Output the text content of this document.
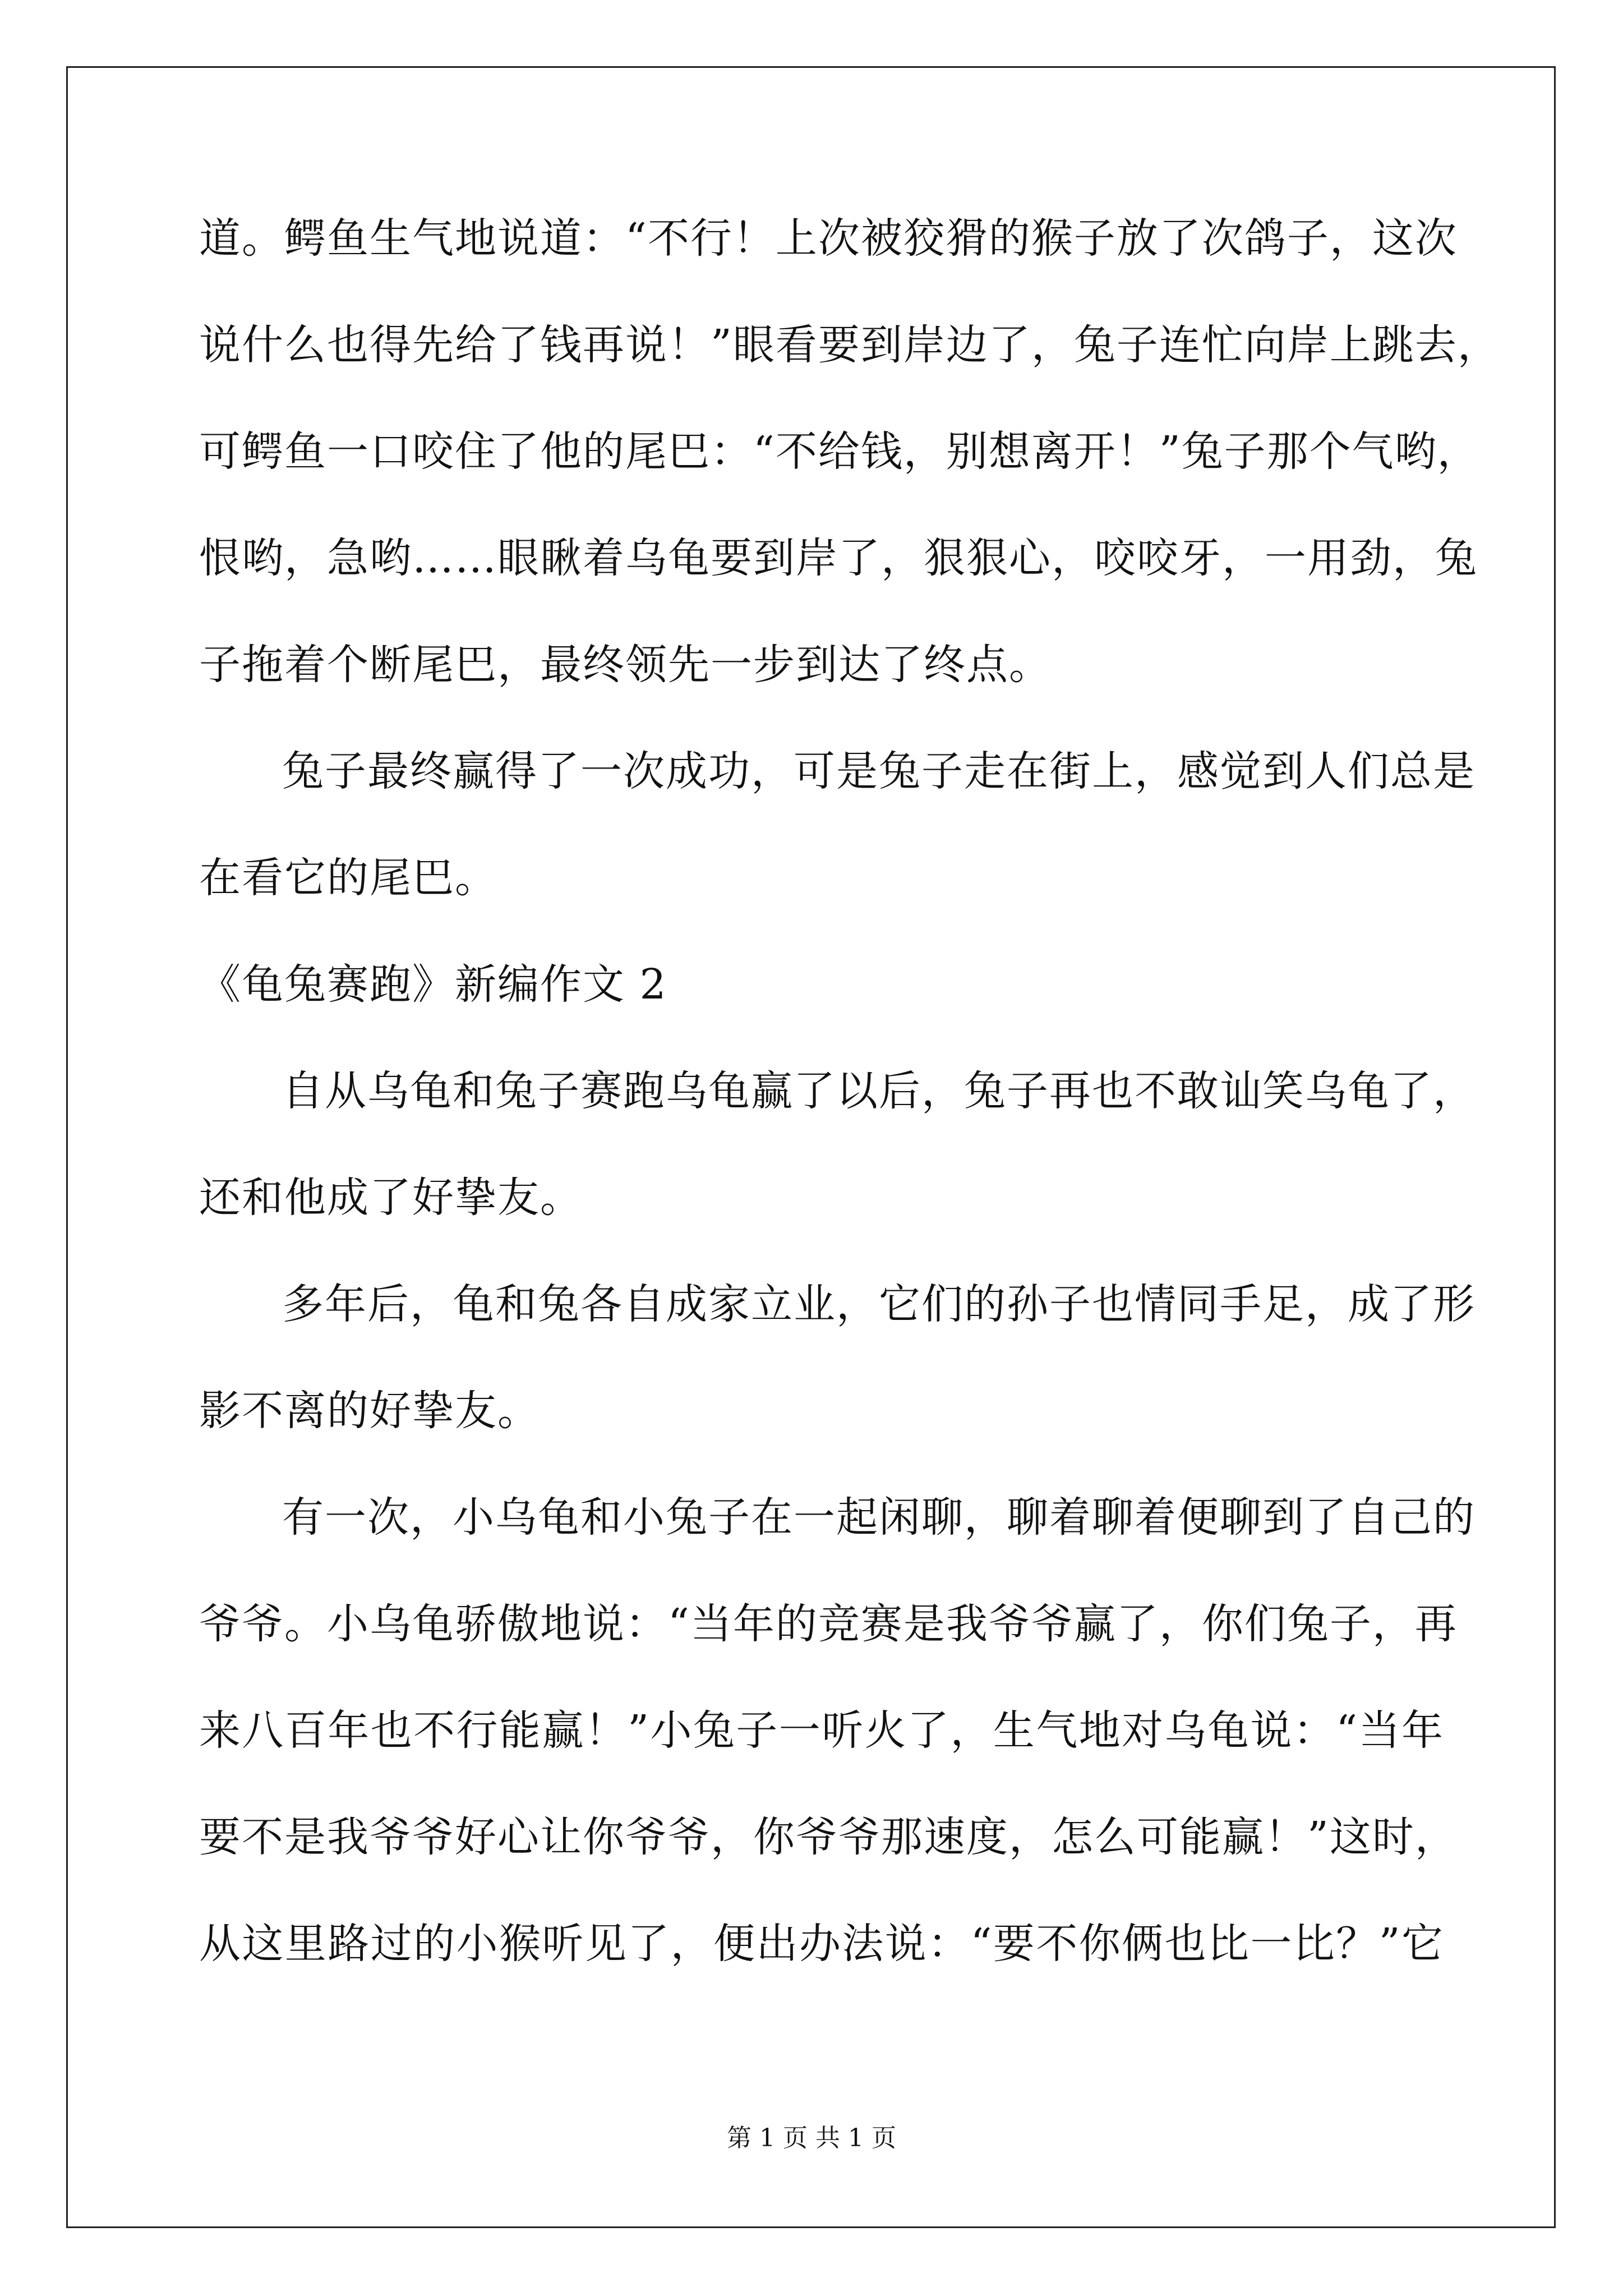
道。鳄鱼生气地说道：“不行！上次被狡猾的猴子放了次鸽子，这次
说什么也得先给了钱再说！”眼看要到岸边了，兔子连忙向岸上跳去，
可鳄鱼一口咬住了他的尾巴：“不给钱，别想离开！”兔子那个气哟，
恨哟，急哟……眼瞅着乌龟要到岸了，狠狠心，咬咬牙，一用劲，兔
子拖着个断尾巴，最终领先一步到达了终点。
兔子最终赢得了一次成功，可是兔子走在街上，感觉到人们总是
在看它的尾巴。
《龟兔赛跑》新编作文 2
自从乌龟和兔子赛跑乌龟赢了以后，兔子再也不敢讪笑乌龟了，
还和他成了好挚友。
多年后，龟和兔各自成家立业，它们的孙子也情同手足，成了形
影不离的好挚友。
有一次，小乌龟和小兔子在一起闲聊，聊着聊着便聊到了自己的
爷爷。小乌龟骄傲地说：“当年的竞赛是我爷爷赢了，你们兔子，再
来八百年也不行能赢！”小兔子一听火了，生气地对乌龟说：“当年
要不是我爷爷好心让你爷爷，你爷爷那速度，怎么可能赢！”这时，
从这里路过的小猴听见了，便出办法说：“要不你俩也比一比？”它
第 1 页 共 1 页
